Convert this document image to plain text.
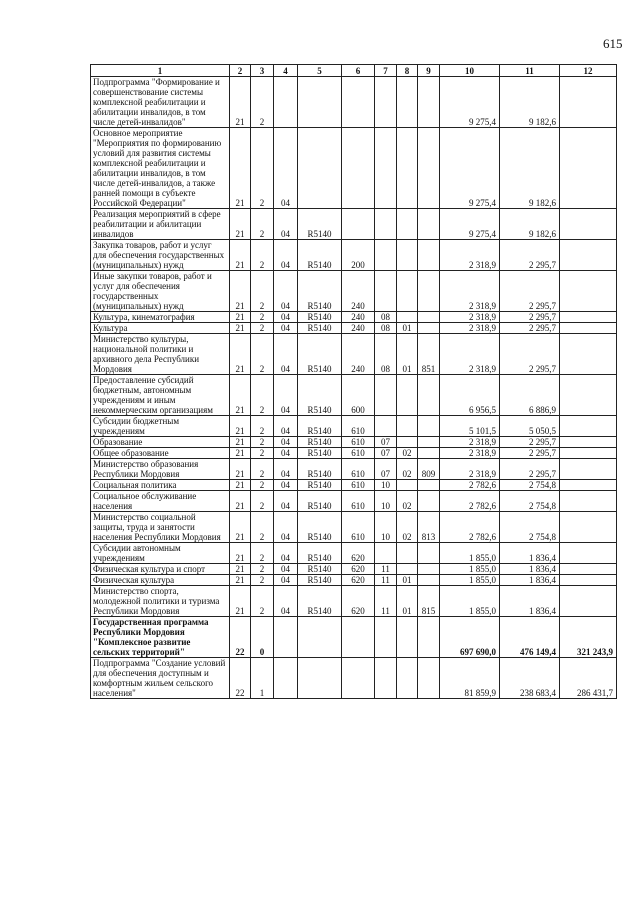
615
1	2	3	4	5	6	7	8	9	10	11	12
Подпрограмма "Формирование и совершенствование системы комплексной реабилитации и абилитации инвалидов, в том числе детей-инвалидов"	21	2							9 275,4	9 182,6	
Основное мероприятие "Мероприятия по формированию условий для развития системы комплексной реабилитации и абилитации инвалидов, в том числе детей-инвалидов, а также ранней помощи в субъекте Российской Федерации"	21	2	04						9 275,4	9 182,6	
Реализация мероприятий в сфере реабилитации и абилитации инвалидов	21	2	04	R5140					9 275,4	9 182,6	
Закупка товаров, работ и услуг для обеспечения государственных (муниципальных) нужд	21	2	04	R5140	200				2 318,9	2 295,7	
Иные закупки товаров, работ и услуг для обеспечения государственных (муниципальных) нужд	21	2	04	R5140	240				2 318,9	2 295,7	
Культура, кинематография	21	2	04	R5140	240	08			2 318,9	2 295,7	
Культура	21	2	04	R5140	240	08	01		2 318,9	2 295,7	
Министерство культуры, национальной политики и архивного дела Республики Мордовия	21	2	04	R5140	240	08	01	851	2 318,9	2 295,7	
Предоставление субсидий бюджетным, автономным учреждениям и иным некоммерческим организациям	21	2	04	R5140	600				6 956,5	6 886,9	
Субсидии бюджетным учреждениям	21	2	04	R5140	610				5 101,5	5 050,5	
Образование	21	2	04	R5140	610	07			2 318,9	2 295,7	
Общее образование	21	2	04	R5140	610	07	02		2 318,9	2 295,7	
Министерство образования Республики Мордовия	21	2	04	R5140	610	07	02	809	2 318,9	2 295,7	
Социальная политика	21	2	04	R5140	610	10			2 782,6	2 754,8	
Социальное обслуживание населения	21	2	04	R5140	610	10	02		2 782,6	2 754,8	
Министерство социальной защиты, труда и занятости населения Республики Мордовия	21	2	04	R5140	610	10	02	813	2 782,6	2 754,8	
Субсидии автономным учреждениям	21	2	04	R5140	620				1 855,0	1 836,4	
Физическая культура и спорт	21	2	04	R5140	620	11			1 855,0	1 836,4	
Физическая культура	21	2	04	R5140	620	11	01		1 855,0	1 836,4	
Министерство спорта, молодежной политики и туризма Республики Мордовия	21	2	04	R5140	620	11	01	815	1 855,0	1 836,4	
Государственная программа Республики Мордовия "Комплексное развитие сельских территорий"	22	0							697 690,0	476 149,4	321 243,9
Подпрограмма "Создание условий для обеспечения доступным и комфортным жильем сельского населения"	22	1							81 859,9	238 683,4	286 431,7
